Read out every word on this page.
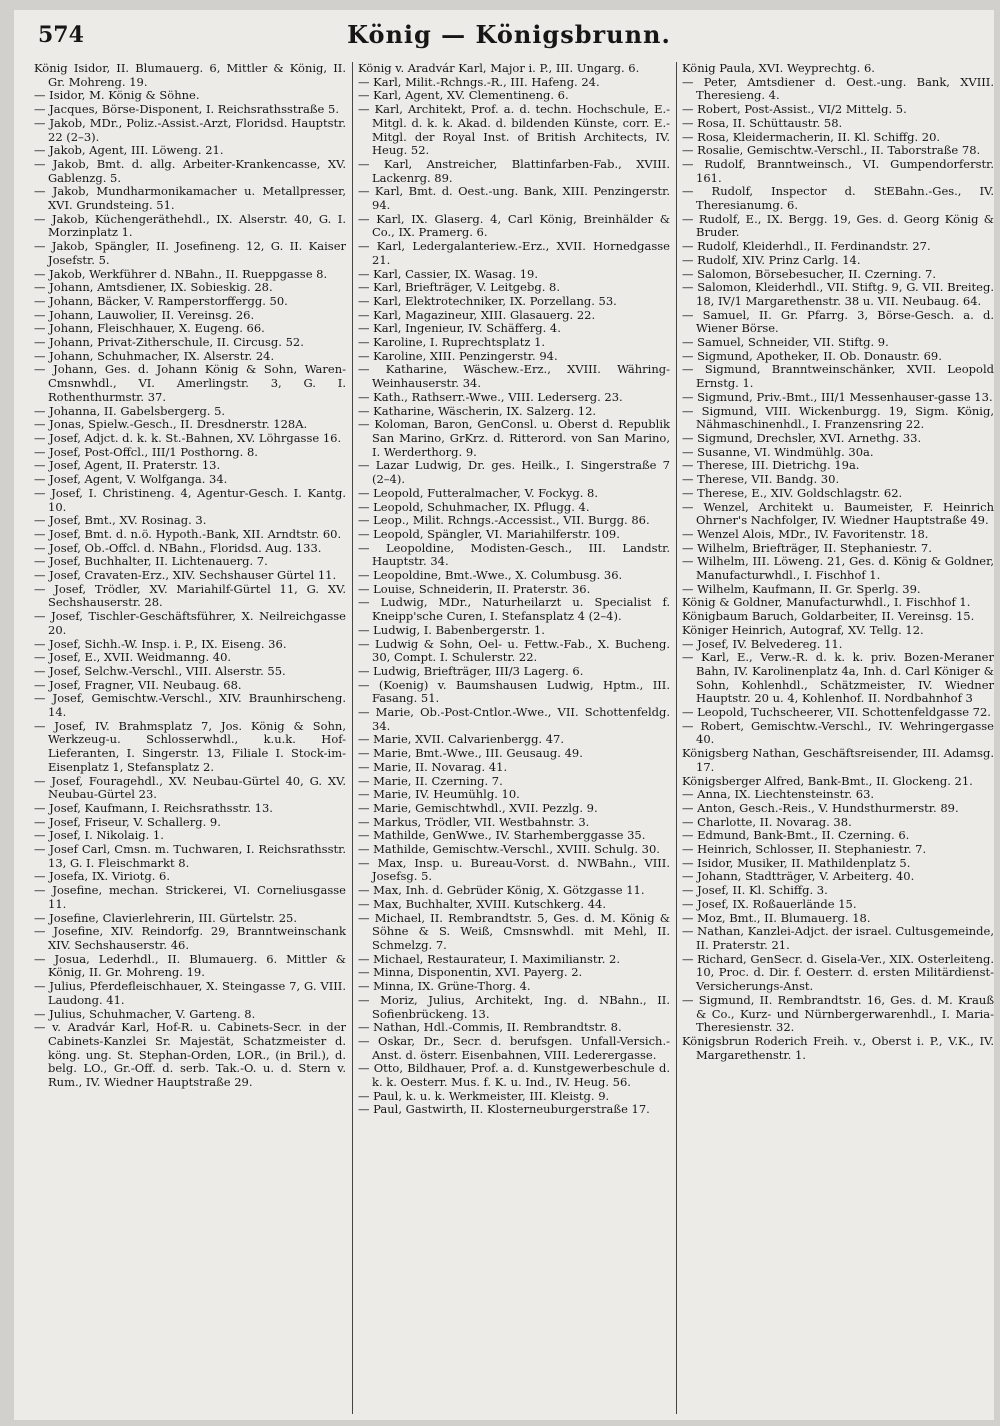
574	König — Königsbrunn.
König Isidor, II. Blumauerg. 6, Mittler & König, II. Gr. Mohreng. 19.
— Isidor, M. König & Söhne.
— Jacques, Börse-Disponent, I. Reichsrathsstraße 5.
— Jakob, MDr., Poliz.-Assist.-Arzt, Floridsd. Hauptstr. 22 (2–3).
— Jakob, Agent, III. Löweng. 21.
— Jakob, Bmt. d. allg. Arbeiter-Krankencasse, XV. Gablenzg. 5.
— Jakob, Mundharmonikamacher u. Metallpresser, XVI. Grundsteing. 51.
— Jakob, Küchengeräthehdl., IX. Alserstr. 40, G. I. Morzinplatz 1.
— Jakob, Spängler, II. Josefineng. 12, G. II. Kaiser Josefstr. 5.
— Jakob, Werkführer d. NBahn., II. Rueppgasse 8.
— Johann, Amtsdiener, IX. Sobieskig. 28.
— Johann, Bäcker, V. Ramperstorffergg. 50.
— Johann, Lauwolier, II. Vereinsg. 26.
— Johann, Fleischhauer, X. Eugeng. 66.
— Johann, Privat-Zitherschule, II. Circusg. 52.
— Johann, Schuhmacher, IX. Alserstr. 24.
— Johann, Ges. d. Johann König & Sohn, Waren-Cmsnwhdl., VI. Amerlingstr. 3, G. I. Rothenthurmstr. 37.
— Johanna, II. Gabelsbergerg. 5.
— Jonas, Spielw.-Gesch., II. Dresdnerstr. 128A.
— Josef, Adjct. d. k. k. St.-Bahnen, XV. Löhrgasse 16.
— Josef, Post-Offcl., III/1 Posthorng. 8.
— Josef, Agent, II. Praterstr. 13.
— Josef, Agent, V. Wolfganga. 34.
— Josef, I. Christineng. 4, Agentur-Gesch. I. Kantg. 10.
— Josef, Bmt., XV. Rosinag. 3.
— Josef, Bmt. d. n.ö. Hypoth.-Bank, XII. Arndtstr. 60.
— Josef, Ob.-Offcl. d. NBahn., Floridsd. Aug. 133.
— Josef, Buchhalter, II. Lichtenauerg. 7.
— Josef, Cravaten-Erz., XIV. Sechshauser Gürtel 11.
— Josef, Trödler, XV. Mariahilf-Gürtel 11, G. XV. Sechshauserstr. 28.
— Josef, Tischler-Geschäftsführer, X. Neilreichgasse 20.
— Josef, Sichh.-W. Insp. i. P., IX. Eiseng. 36.
— Josef, E., XVII. Weidmanng. 40.
— Josef, Selchw.-Verschl., VIII. Alserstr. 55.
— Josef, Fragner, VII. Neubaug. 68.
— Josef, Gemischtw.-Verschl., XIV. Braunhirscheng. 14.
— Josef, IV. Brahmsplatz 7, Jos. König & Sohn, Werkzeug-u. Schlosserwhdl., k.u.k. Hof-Lieferanten, I. Singerstr. 13, Filiale I. Stock-im-Eisenplatz 1, Stefansplatz 2.
— Josef, Fouragehdl., XV. Neubau-Gürtel 40, G. XV. Neubau-Gürtel 23.
— Josef, Kaufmann, I. Reichsrathsstr. 13.
— Josef, Friseur, V. Schallerg. 9.
— Josef, I. Nikolaig. 1.
— Josef Carl, Cmsn. m. Tuchwaren, I. Reichsrathsstr. 13, G. I. Fleischmarkt 8.
— Josefa, IX. Viriotg. 6.
— Josefine, mechan. Strickerei, VI. Corneliusgasse 11.
— Josefine, Clavierlehrerin, III. Gürtelstr. 25.
— Josefine, XIV. Reindorfg. 29, Branntweinschank XIV. Sechshauserstr. 46.
— Josua, Lederhdl., II. Blumauerg. 6. Mittler & König, II. Gr. Mohreng. 19.
— Julius, Pferdefleischhauer, X. Steingasse 7, G. VIII. Laudong. 41.
— Julius, Schuhmacher, V. Garteng. 8.
— v. Aradvár Karl, Hof-R. u. Cabinets-Secr. in der Cabinets-Kanzlei Sr. Majestät, Schatzmeister d. köng. ung. St. Stephan-Orden, LOR., (in Bril.), d. belg. LO., Gr.-Off. d. serb. Tak.-O. u. d. Stern v. Rum., IV. Wiedner Hauptstraße 29.
König v. Aradvár Karl, Major i. P., III. Ungarg. 6.
— Karl, Milit.-Rchngs.-R., III. Hafeng. 24.
— Karl, Agent, XV. Clementineng. 6.
— Karl, Architekt, Prof. a. d. techn. Hochschule, E.-Mitgl. d. k. k. Akad. d. bildenden Künste, corr. E.-Mitgl. der Royal Inst. of British Architects, IV. Heug. 52.
— Karl, Anstreicher, Blattinfarben-Fab., XVIII. Lackenrg. 89.
— Karl, Bmt. d. Oest.-ung. Bank, XIII. Penzingerstr. 94.
— Karl, IX. Glaserg. 4, Carl König, Breinhälder & Co., IX. Pramerg. 6.
— Karl, Ledergalanteriew.-Erz., XVII. Hornedgasse 21.
— Karl, Cassier, IX. Wasag. 19.
— Karl, Briefträger, V. Leitgebg. 8.
— Karl, Elektrotechniker, IX. Porzellang. 53.
— Karl, Magazineur, XIII. Glasauerg. 22.
— Karl, Ingenieur, IV. Schäfferg. 4.
— Karoline, I. Ruprechtsplatz 1.
— Karoline, XIII. Penzingerstr. 94.
— Katharine, Wäschew.-Erz., XVIII. Währing-Weinhauserstr. 34.
— Kath., Rathserr.-Wwe., VIII. Lederserg. 23.
— Katharine, Wäscherin, IX. Salzerg. 12.
— Koloman, Baron, GenConsl. u. Oberst d. Republik San Marino, GrKrz. d. Ritterord. von San Marino, I. Werderthorg. 9.
— Lazar Ludwig, Dr. ges. Heilk., I. Singerstraße 7 (2–4).
— Leopold, Futteralmacher, V. Fockyg. 8.
— Leopold, Schuhmacher, IX. Pflugg. 4.
— Leop., Milit. Rchngs.-Accessist., VII. Burgg. 86.
— Leopold, Spängler, VI. Mariahilferstr. 109.
— Leopoldine, Modisten-Gesch., III. Landstr. Hauptstr. 34.
— Leopoldine, Bmt.-Wwe., X. Columbusg. 36.
— Louise, Schneiderin, II. Praterstr. 36.
— Ludwig, MDr., Naturheilarzt u. Specialist f. Kneipp'sche Curen, I. Stefansplatz 4 (2–4).
— Ludwig, I. Babenbergerstr. 1.
— Ludwig & Sohn, Oel- u. Fettw.-Fab., X. Bucheng. 30, Compt. I. Schulerstr. 22.
— Ludwig, Briefträger, III/3 Lagerg. 6.
— (Koenig) v. Baumshausen Ludwig, Hptm., III. Fasang. 51.
— Marie, Ob.-Post-Cntlor.-Wwe., VII. Schottenfeldg. 34.
— Marie, XVII. Calvarienbergg. 47.
— Marie, Bmt.-Wwe., III. Geusaug. 49.
— Marie, II. Novarag. 41.
— Marie, II. Czerning. 7.
— Marie, IV. Heumühlg. 10.
— Marie, Gemischtwhdl., XVII. Pezzlg. 9.
— Markus, Trödler, VII. Westbahnstr. 3.
— Mathilde, GenWwe., IV. Starhemberggasse 35.
— Mathilde, Gemischtw.-Verschl., XVIII. Schulg. 30.
— Max, Insp. u. Bureau-Vorst. d. NWBahn., VIII. Josefsg. 5.
— Max, Inh. d. Gebrüder König, X. Götzgasse 11.
— Max, Buchhalter, XVIII. Kutschkerg. 44.
— Michael, II. Rembrandtstr. 5, Ges. d. M. König & Söhne & S. Weiß, Cmsnswhdl. mit Mehl, II. Schmelzg. 7.
— Michael, Restaurateur, I. Maximilianstr. 2.
— Minna, Disponentin, XVI. Payerg. 2.
— Minna, IX. Grüne-Thorg. 4.
— Moriz, Julius, Architekt, Ing. d. NBahn., II. Sofienbrückeng. 13.
— Nathan, Hdl.-Commis, II. Rembrandtstr. 8.
— Oskar, Dr., Secr. d. berufsgen. Unfall-Versich.-Anst. d. österr. Eisenbahnen, VIII. Lederergasse.
— Otto, Bildhauer, Prof. a. d. Kunstgewerbeschule d. k. k. Oesterr. Mus. f. K. u. Ind., IV. Heug. 56.
— Paul, k. u. k. Werkmeister, III. Kleistg. 9.
— Paul, Gastwirth, II. Klosterneuburgerstraße 17.
König Paula, XVI. Weyprechtg. 6.
— Peter, Amtsdiener d. Oest.-ung. Bank, XVIII. Theresieng. 4.
— Robert, Post-Assist., VI/2 Mittelg. 5.
— Rosa, II. Schüttaustr. 58.
— Rosa, Kleidermacherin, II. Kl. Schiffg. 20.
— Rosalie, Gemischtw.-Verschl., II. Taborstraße 78.
— Rudolf, Branntweinsch., VI. Gumpendorferstr. 161.
— Rudolf, Inspector d. StEBahn.-Ges., IV. Theresianumg. 6.
— Rudolf, E., IX. Bergg. 19, Ges. d. Georg König & Bruder.
— Rudolf, Kleiderhdl., II. Ferdinandstr. 27.
— Rudolf, XIV. Prinz Carlg. 14.
— Salomon, Börsebesucher, II. Czerning. 7.
— Salomon, Kleiderhdl., VII. Stiftg. 9, G. VII. Breiteg. 18, IV/1 Margarethenstr. 38 u. VII. Neubaug. 64.
— Samuel, II. Gr. Pfarrg. 3, Börse-Gesch. a. d. Wiener Börse.
— Samuel, Schneider, VII. Stiftg. 9.
— Sigmund, Apotheker, II. Ob. Donaustr. 69.
— Sigmund, Branntweinschänker, XVII. Leopold Ernstg. 1.
— Sigmund, Priv.-Bmt., III/1 Messenhauser-gasse 13.
— Sigmund, VIII. Wickenburgg. 19, Sigm. König, Nähmaschinenhdl., I. Franzensring 22.
— Sigmund, Drechsler, XVI. Arnethg. 33.
— Susanne, VI. Windmühlg. 30a.
— Therese, III. Dietrichg. 19a.
— Therese, VII. Bandg. 30.
— Therese, E., XIV. Goldschlagstr. 62.
— Wenzel, Architekt u. Baumeister, F. Heinrich Ohrner's Nachfolger, IV. Wiedner Hauptstraße 49.
— Wenzel Alois, MDr., IV. Favoritenstr. 18.
— Wilhelm, Briefträger, II. Stephaniestr. 7.
— Wilhelm, III. Löweng. 21, Ges. d. König & Goldner, Manufacturwhdl., I. Fischhof 1.
— Wilhelm, Kaufmann, II. Gr. Sperlg. 39.
König & Goldner, Manufacturwhdl., I. Fischhof 1.
Königbaum Baruch, Goldarbeiter, II. Vereinsg. 15.
Königer Heinrich, Autograf, XV. Tellg. 12.
— Josef, IV. Belvedereg. 11.
— Karl, E., Verw.-R. d. k. k. priv. Bozen-Meraner Bahn, IV. Karolinenplatz 4a, Inh. d. Carl Königer & Sohn, Kohlenhdl., Schätzmeister, IV. Wiedner Hauptstr. 20 u. 4, Kohlenhof. II. Nordbahnhof 3
— Leopold, Tuchscheerer, VII. Schottenfeldgasse 72.
— Robert, Gemischtw.-Verschl., IV. Wehringergasse 40.
Königsberg Nathan, Geschäftsreisender, III. Adamsg. 17.
Königsberger Alfred, Bank-Bmt., II. Glockeng. 21.
— Anna, IX. Liechtensteinstr. 63.
— Anton, Gesch.-Reis., V. Hundsthurmerstr. 89.
— Charlotte, II. Novarag. 38.
— Edmund, Bank-Bmt., II. Czerning. 6.
— Heinrich, Schlosser, II. Stephaniestr. 7.
— Isidor, Musiker, II. Mathildenplatz 5.
— Johann, Stadtträger, V. Arbeiterg. 40.
— Josef, II. Kl. Schiffg. 3.
— Josef, IX. Roßauerlände 15.
— Moz, Bmt., II. Blumauerg. 18.
— Nathan, Kanzlei-Adjct. der israel. Cultusgemeinde, II. Praterstr. 21.
— Richard, GenSecr. d. Gisela-Ver., XIX. Osterleiteng. 10, Proc. d. Dir. f. Oesterr. d. ersten Militärdienst-Versicherungs-Anst.
— Sigmund, II. Rembrandtstr. 16, Ges. d. M. Krauß & Co., Kurz- und Nürnbergerwarenhdl., I. Maria-Theresienstr. 32.
Königsbrun Roderich Freih. v., Oberst i. P., V.K., IV. Margarethenstr. 1.
